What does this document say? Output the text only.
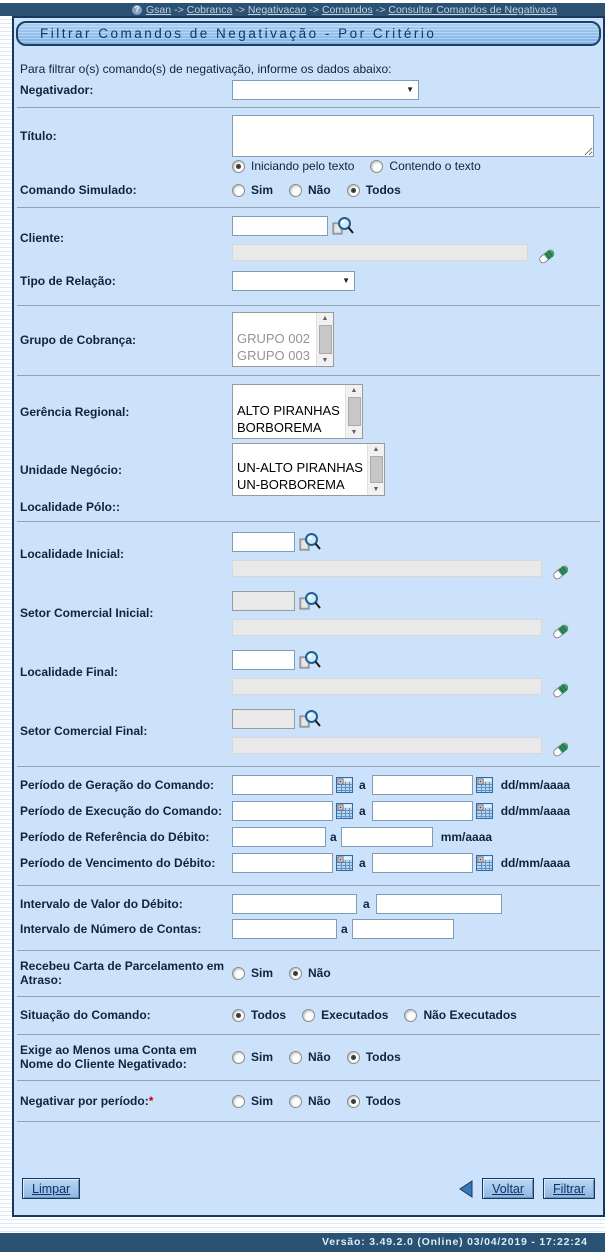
? Gsan -> Cobranca -> Negativacao -> Comandos -> Consultar Comandos de Negativaca
Filtrar Comandos de Negativação - Por Critério
Para filtrar o(s) comando(s) de negativação, informe os dados abaixo:
Negativador:	▼
Título:
Iniciando pelo texto	Contendo o texto
Comando Simulado:	Sim	Não	Todos
Cliente:
Tipo de Relação:	▼
Grupo de Cobrança:	GRUPO 002
GRUPO 003
▲
▼
Gerência Regional:	ALTO PIRANHAS
BORBOREMA
▲
▼
Unidade Negócio:	UN-ALTO PIRANHAS
UN-BORBOREMA
▲
▼
Localidade Pólo::
Localidade Inicial:
Setor Comercial Inicial:
Localidade Final:
Setor Comercial Final:
Período de Geração do Comando:	a	dd/mm/aaaa
Período de Execução do Comando:	a	dd/mm/aaaa
Período de Referência do Débito:	a	mm/aaaa
Período de Vencimento do Débito:	a	dd/mm/aaaa
Intervalo de Valor do Débito:	a
Intervalo de Número de Contas:	a
Recebeu Carta de Parcelamento em Atraso:	Sim	Não
Situação do Comando:	Todos	Executados	Não Executados
Exige ao Menos uma Conta em Nome do Cliente Negativado:	Sim	Não	Todos
Negativar por período:*	Sim	Não	Todos
Limpar	Voltar	Filtrar
Versão: 3.49.2.0 (Online) 03/04/2019 - 17:22:24
